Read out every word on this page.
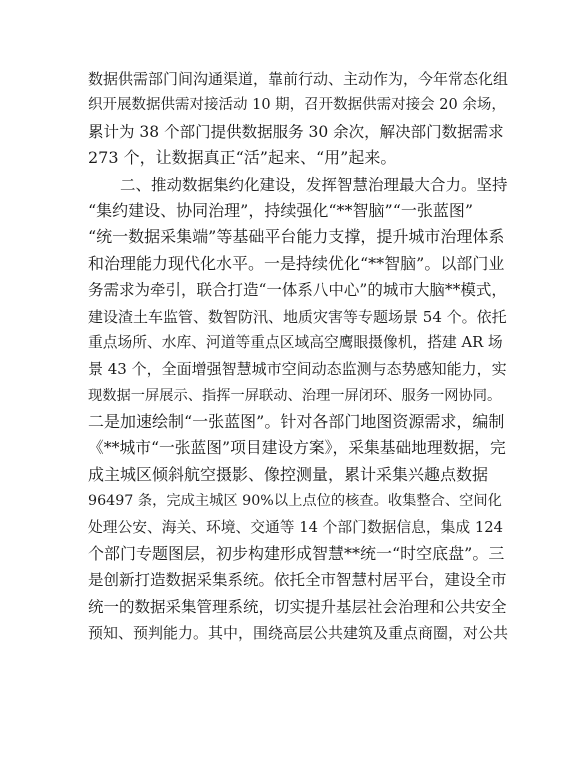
数据供需部门间沟通渠道，靠前行动、主动作为，今年常态化组
织开展数据供需对接活动 10 期，召开数据供需对接会 20 余场，
累计为 38 个部门提供数据服务 30 余次，解决部门数据需求
273 个，让数据真正“活”起来、“用”起来。
二、推动数据集约化建设，发挥智慧治理最大合力。坚持
“集约建设、协同治理”，持续强化“**智脑”“一张蓝图”
“统一数据采集端”等基础平台能力支撑，提升城市治理体系
和治理能力现代化水平。一是持续优化“**智脑”。以部门业
务需求为牵引，联合打造“一体系八中心”的城市大脑**模式，
建设渣土车监管、数智防汛、地质灾害等专题场景 54 个。依托
重点场所、水库、河道等重点区域高空鹰眼摄像机，搭建 AR 场
景 43 个，全面增强智慧城市空间动态监测与态势感知能力，实
现数据一屏展示、指挥一屏联动、治理一屏闭环、服务一网协同。
二是加速绘制“一张蓝图”。针对各部门地图资源需求，编制
《**城市“一张蓝图”项目建设方案》，采集基础地理数据，完
成主城区倾斜航空摄影、像控测量，累计采集兴趣点数据
96497 条，完成主城区 90%以上点位的核查。收集整合、空间化
处理公安、海关、环境、交通等 14 个部门数据信息，集成 124
个部门专题图层，初步构建形成智慧**统一“时空底盘”。三
是创新打造数据采集系统。依托全市智慧村居平台，建设全市
统一的数据采集管理系统，切实提升基层社会治理和公共安全
预知、预判能力。其中，围绕高层公共建筑及重点商圈，对公共
